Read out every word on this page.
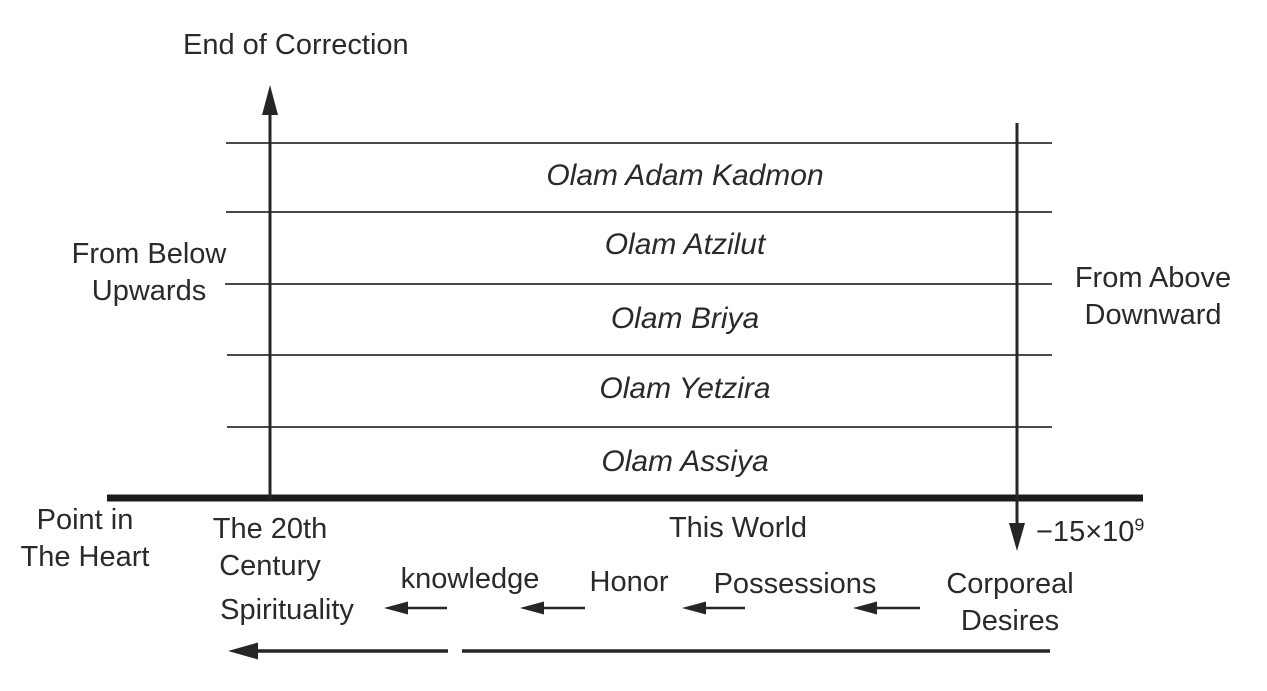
End of Correction
From Below
Upwards	From Above
Downward
Olam Adam Kadmon
Olam Atzilut
Olam Briya
Olam Yetzira
Olam Assiya
Point in
The Heart
The 20th
Century
This World	$-15\times 10^9$
knowledge Honor Possessions Corporeal
Desires
Spirituality
